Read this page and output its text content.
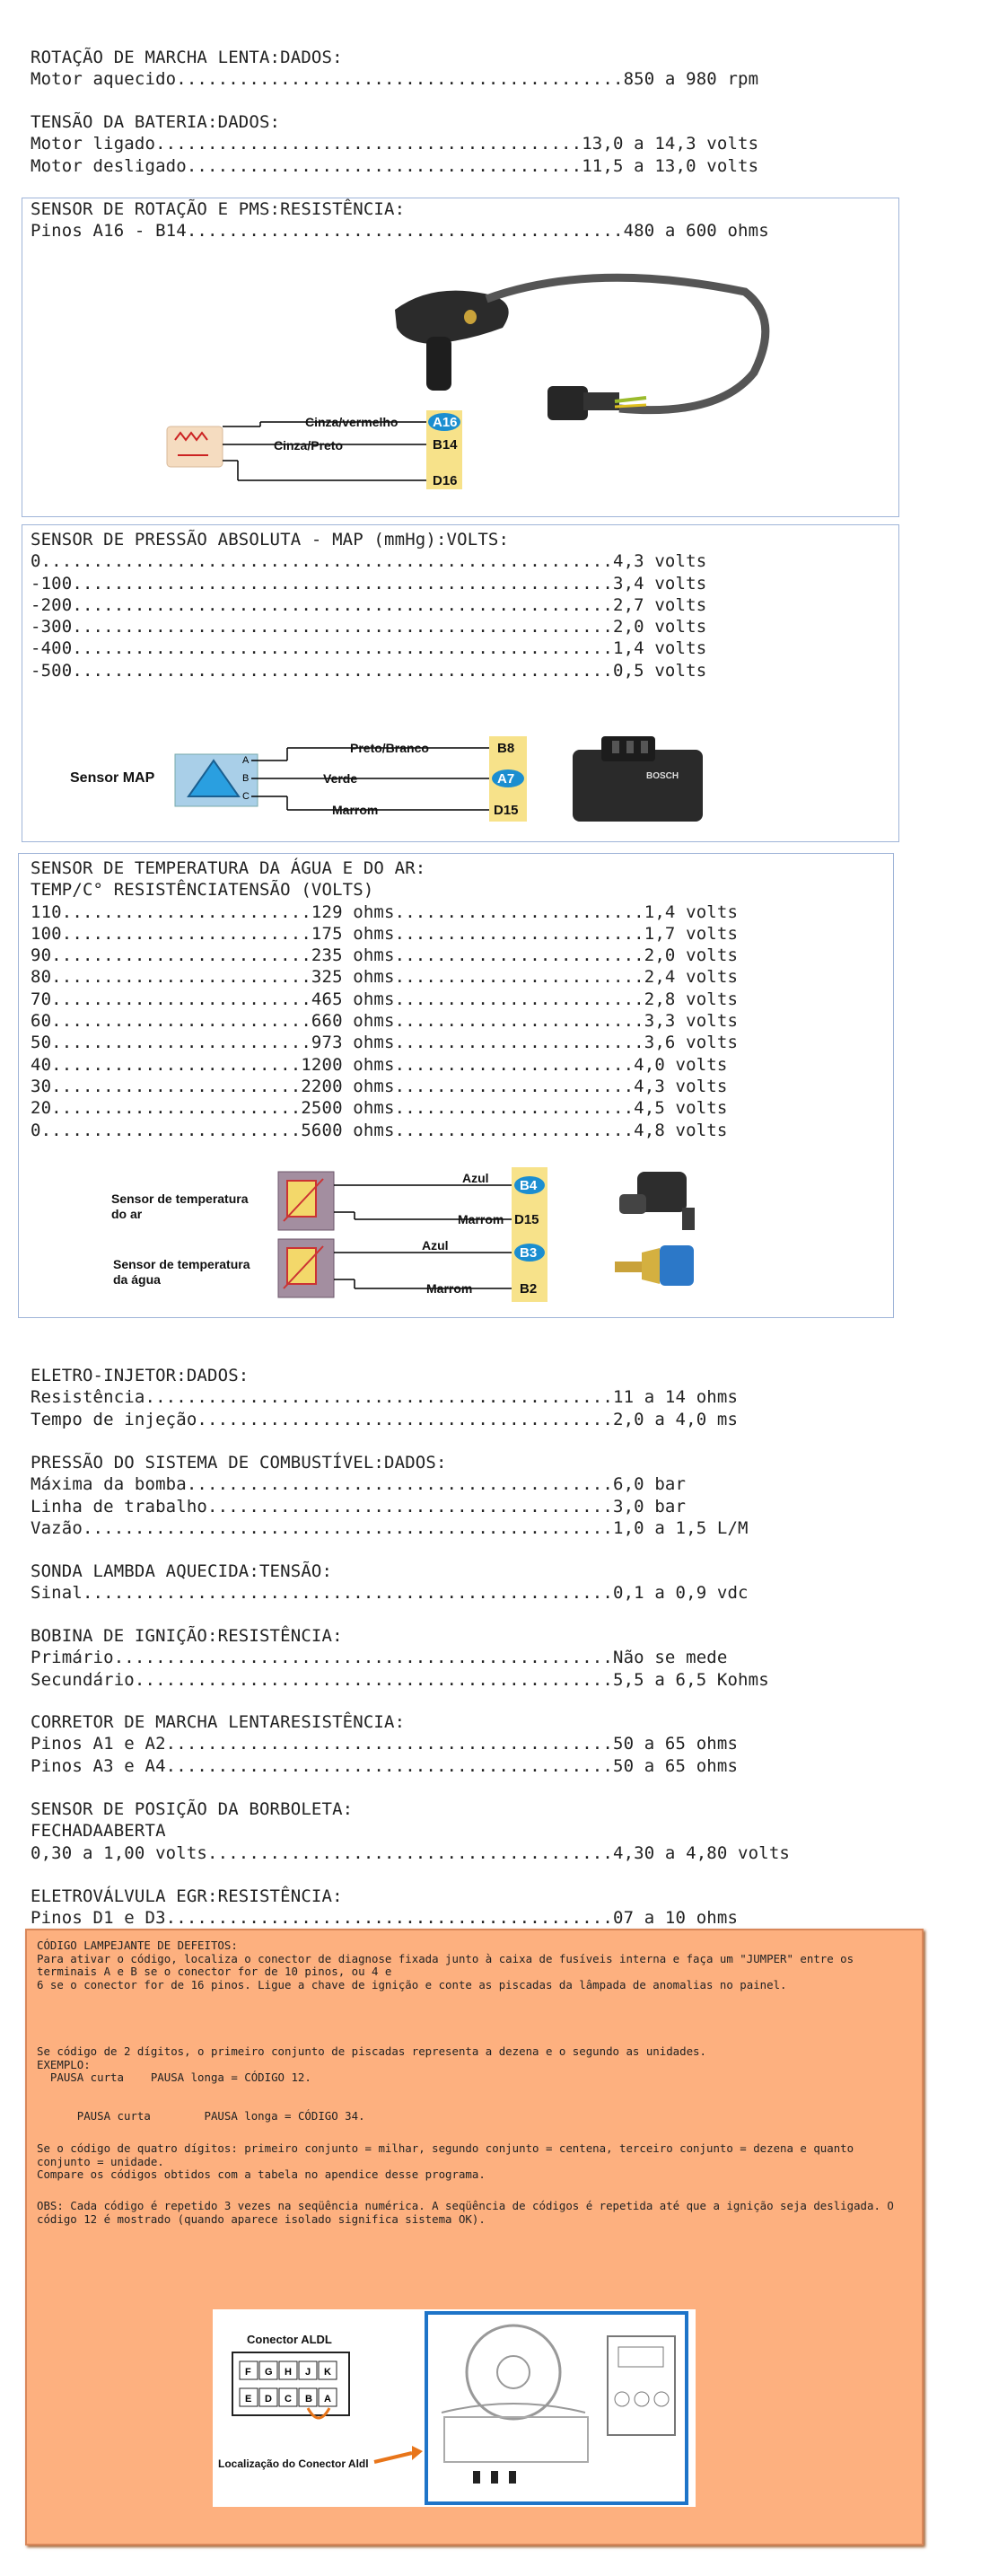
ROTAÇÃO DE MARCHA LENTA:DADOS:
Motor aquecido...........................................850 a 980 rpm
TENSÃO DA BATERIA:DADOS:
Motor ligado.........................................13,0 a 14,3 volts
Motor desligado......................................11,5 a 13,0 volts
SENSOR DE ROTAÇÃO E PMS:RESISTÊNCIA:
Pinos A16 - B14..........................................480 a 600 ohms
Cinza/vermelho
Cinza/Preto
A16
B14
D16
SENSOR DE PRESSÃO ABSOLUTA - MAP (mmHg):VOLTS:
0.......................................................4,3 volts
-100....................................................3,4 volts
-200....................................................2,7 volts
-300....................................................2,0 volts
-400....................................................1,4 volts
-500....................................................0,5 volts
Sensor MAP
A
B
C
Preto/Branco
Verde
Marrom
B8
A7
D15
BOSCH
SENSOR DE TEMPERATURA DA ÁGUA E DO AR:
TEMP/C° RESISTÊNCIATENSÃO (VOLTS)
110........................129 ohms........................1,4 volts
100........................175 ohms........................1,7 volts
90.........................235 ohms........................2,0 volts
80.........................325 ohms........................2,4 volts
70.........................465 ohms........................2,8 volts
60.........................660 ohms........................3,3 volts
50.........................973 ohms........................3,6 volts
40........................1200 ohms.......................4,0 volts
30........................2200 ohms.......................4,3 volts
20........................2500 ohms.......................4,5 volts
0.........................5600 ohms.......................4,8 volts
Sensor de temperatura
do ar
Sensor de temperatura
da água
Azul
Marrom
Azul
Marrom
B4
D15
B3
B2
ELETRO-INJETOR:DADOS:
Resistência.............................................11 a 14 ohms
Tempo de injeção........................................2,0 a 4,0 ms
PRESSÃO DO SISTEMA DE COMBUSTÍVEL:DADOS:
Máxima da bomba.........................................6,0 bar
Linha de trabalho.......................................3,0 bar
Vazão...................................................1,0 a 1,5 L/M
SONDA LAMBDA AQUECIDA:TENSÃO:
Sinal...................................................0,1 a 0,9 vdc
BOBINA DE IGNIÇÃO:RESISTÊNCIA:
Primário................................................Não se mede
Secundário..............................................5,5 a 6,5 Kohms
CORRETOR DE MARCHA LENTARESISTÊNCIA:
Pinos A1 e A2...........................................50 a 65 ohms
Pinos A3 e A4...........................................50 a 65 ohms
SENSOR DE POSIÇÃO DA BORBOLETA:
FECHADAABERTA
0,30 a 1,00 volts.......................................4,30 a 4,80 volts
ELETROVÁLVULA EGR:RESISTÊNCIA:
Pinos D1 e D3...........................................07 a 10 ohms

CÓDIGO LAMPEJANTE DE DEFEITOS:

Para ativar o código, localiza o conector de diagnose fixada junto à caixa de fusíveis interna e faça um "JUMPER" entre os terminais A e B se o conector for de 10 pinos, ou 4 e
6 se o conector for de 16 pinos. Ligue a chave de ignição e conte as piscadas da lâmpada de anomalias no painel.

Se código de 2 dígitos, o primeiro conjunto de piscadas representa a dezena e o segundo as unidades.

EXEMPLO:

PAUSA curta    PAUSA longa = CÓDIGO 12.

PAUSA curta        PAUSA longa = CÓDIGO 34.

Se o código de quatro dígitos: primeiro conjunto = milhar, segundo conjunto = centena, terceiro conjunto = dezena e quanto conjunto = unidade.
Compare os códigos obtidos com a tabela no apendice desse programa.

OBS: Cada código é repetido 3 vezes na seqüência numérica. A seqüência de códigos é repetida até que a ignição seja desligada. O código 12 é mostrado (quando aparece isolado significa sistema OK).

Conector ALDL
F G H J K
E D C B A
Localização do Conector Aldl
